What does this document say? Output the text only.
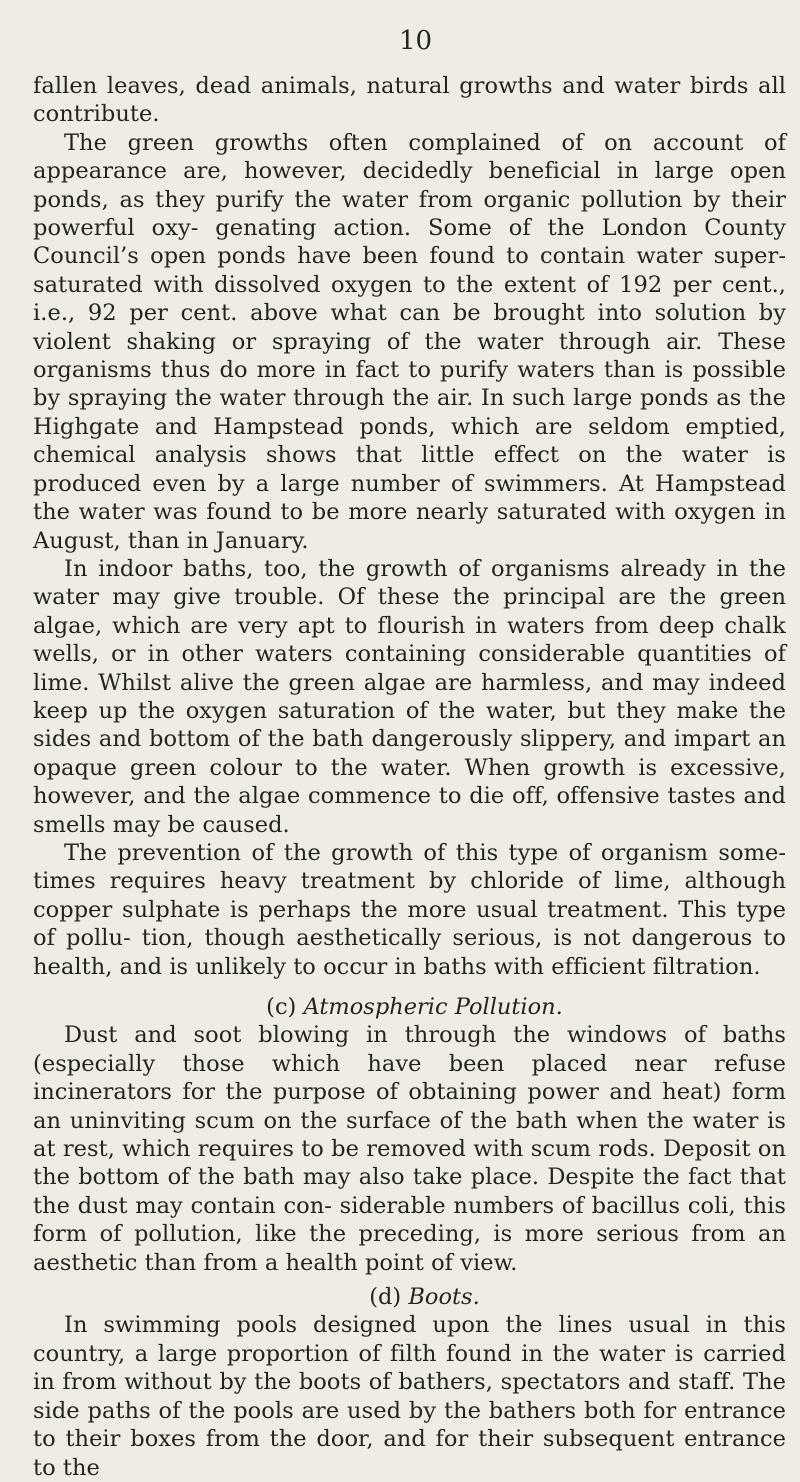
10

fallen leaves, dead animals, natural growths and water birds all contribute.

The green growths often complained of on account of appearance are, however, decidedly beneficial in large open ponds, as they purify the water from organic pollution by their powerful oxy- genating action. Some of the London County Council’s open ponds have been found to contain water super-saturated with dissolved oxygen to the extent of 192 per cent., i.e., 92 per cent. above what can be brought into solution by violent shaking or spraying of the water through air. These organisms thus do more in fact to purify waters than is possible by spraying the water through the air. In such large ponds as the Highgate and Hampstead ponds, which are seldom emptied, chemical analysis shows that little effect on the water is produced even by a large number of swimmers. At Hampstead the water was found to be more nearly saturated with oxygen in August, than in January.

In indoor baths, too, the growth of organisms already in the water may give trouble. Of these the principal are the green algae, which are very apt to flourish in waters from deep chalk wells, or in other waters containing considerable quantities of lime. Whilst alive the green algae are harmless, and may indeed keep up the oxygen saturation of the water, but they make the sides and bottom of the bath dangerously slippery, and impart an opaque green colour to the water. When growth is excessive, however, and the algae commence to die off, offensive tastes and smells may be caused.

The prevention of the growth of this type of organism some- times requires heavy treatment by chloride of lime, although copper sulphate is perhaps the more usual treatment. This type of pollu- tion, though aesthetically serious, is not dangerous to health, and is unlikely to occur in baths with efficient filtration.

(c) Atmospheric Pollution.

Dust and soot blowing in through the windows of baths (especially those which have been placed near refuse incinerators for the purpose of obtaining power and heat) form an uninviting scum on the surface of the bath when the water is at rest, which requires to be removed with scum rods. Deposit on the bottom of the bath may also take place. Despite the fact that the dust may contain con- siderable numbers of bacillus coli, this form of pollution, like the preceding, is more serious from an aesthetic than from a health point of view.

(d) Boots.

In swimming pools designed upon the lines usual in this country, a large proportion of filth found in the water is carried in from without by the boots of bathers, spectators and staff. The side paths of the pools are used by the bathers both for entrance to their boxes from the door, and for their subsequent entrance to the
